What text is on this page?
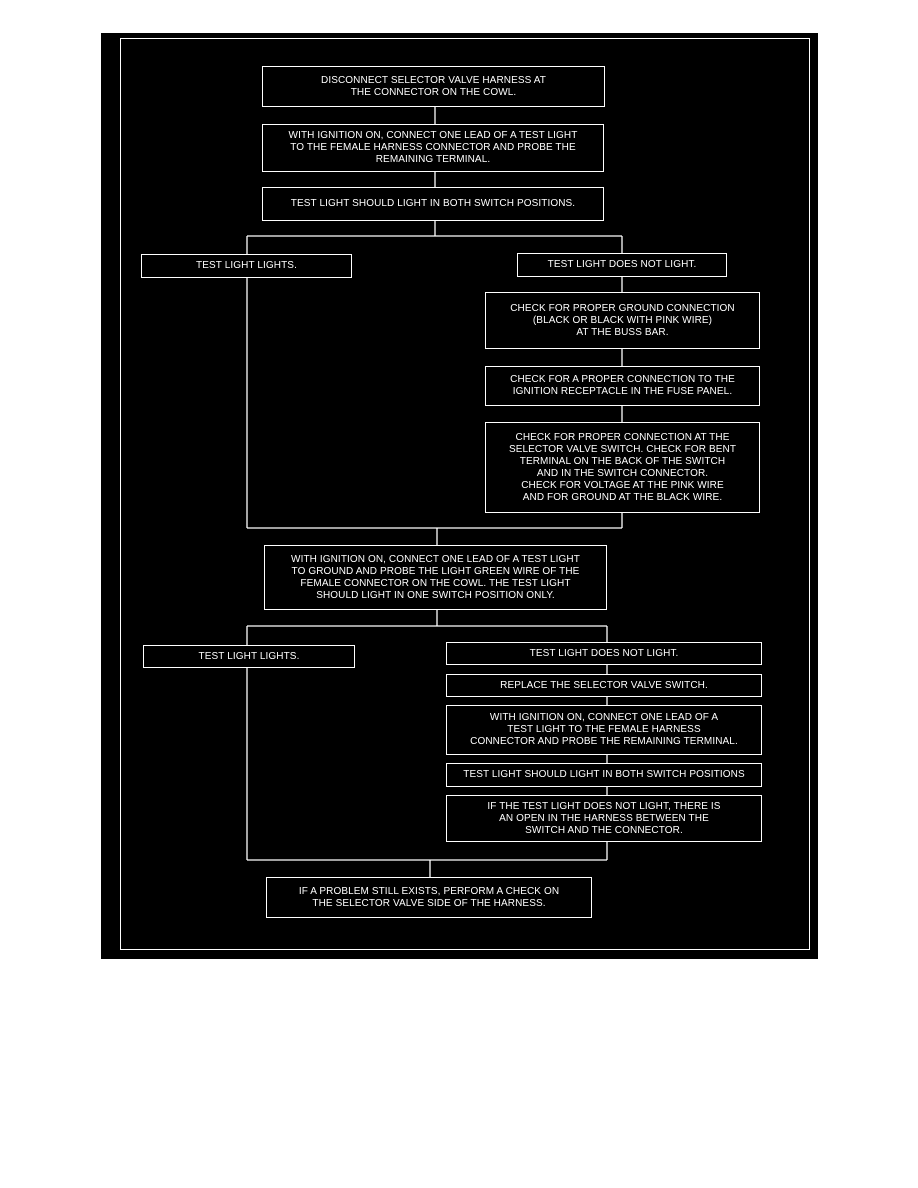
DISCONNECT SELECTOR VALVE HARNESS AT
THE CONNECTOR ON THE COWL.
WITH IGNITION ON, CONNECT ONE LEAD OF A TEST LIGHT
TO THE FEMALE HARNESS CONNECTOR AND PROBE THE
REMAINING TERMINAL.
TEST LIGHT SHOULD LIGHT IN BOTH SWITCH POSITIONS.
TEST LIGHT LIGHTS.	TEST LIGHT DOES NOT LIGHT.
CHECK FOR PROPER GROUND CONNECTION
(BLACK OR BLACK WITH PINK WIRE)
AT THE BUSS BAR.
CHECK FOR A PROPER CONNECTION TO THE
IGNITION RECEPTACLE IN THE FUSE PANEL.
CHECK FOR PROPER CONNECTION AT THE
SELECTOR VALVE SWITCH. CHECK FOR BENT
TERMINAL ON THE BACK OF THE SWITCH
AND IN THE SWITCH CONNECTOR.
CHECK FOR VOLTAGE AT THE PINK WIRE
AND FOR GROUND AT THE BLACK WIRE.
WITH IGNITION ON, CONNECT ONE LEAD OF A TEST LIGHT
TO GROUND AND PROBE THE LIGHT GREEN WIRE OF THE
FEMALE CONNECTOR ON THE COWL. THE TEST LIGHT
SHOULD LIGHT IN ONE SWITCH POSITION ONLY.
TEST LIGHT LIGHTS.	TEST LIGHT DOES NOT LIGHT.
REPLACE THE SELECTOR VALVE SWITCH.
WITH IGNITION ON, CONNECT ONE LEAD OF A
TEST LIGHT TO THE FEMALE HARNESS
CONNECTOR AND PROBE THE REMAINING TERMINAL.
TEST LIGHT SHOULD LIGHT IN BOTH SWITCH POSITIONS
IF THE TEST LIGHT DOES NOT LIGHT, THERE IS
AN OPEN IN THE HARNESS BETWEEN THE
SWITCH AND THE CONNECTOR.
IF A PROBLEM STILL EXISTS, PERFORM A CHECK ON
THE SELECTOR VALVE SIDE OF THE HARNESS.
